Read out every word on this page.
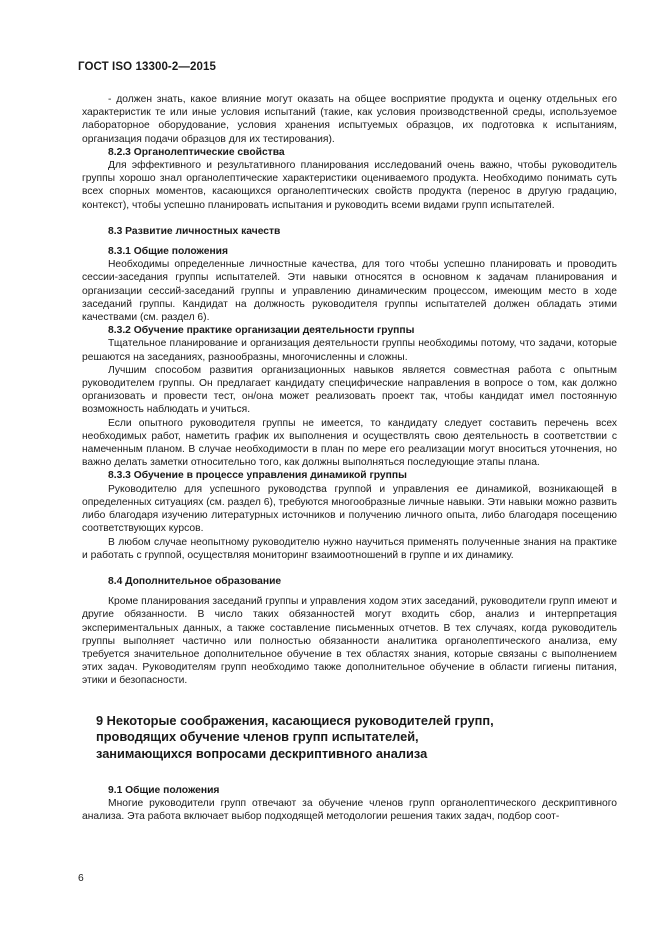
ГОСТ ISO 13300-2—2015

- должен знать, какое влияние могут оказать на общее восприятие продукта и оценку отдельных его характеристик те или иные условия испытаний (такие, как условия производственной среды, используемое лабораторное оборудование, условия хранения испытуемых образцов, их подготовка к испытаниям, организация подачи образцов для их тестирования).

8.2.3 Органолептические свойства

Для эффективного и результативного планирования исследований очень важно, чтобы руководитель группы хорошо знал органолептические характеристики оцениваемого продукта. Необходимо понимать суть всех спорных моментов, касающихся органолептических свойств продукта (перенос в другую градацию, контекст), чтобы успешно планировать испытания и руководить всеми видами групп испытателей.

8.3 Развитие личностных качеств
8.3.1 Общие положения

Необходимы определенные личностные качества, для того чтобы успешно планировать и проводить сессии-заседания группы испытателей. Эти навыки относятся в основном к задачам планирования и организации сессий-заседаний группы и управлению динамическим процессом, имеющим место в ходе заседаний группы. Кандидат на должность руководителя группы испытателей должен обладать этими качествами (см. раздел 6).

8.3.2 Обучение практике организации деятельности группы

Тщательное планирование и организация деятельности группы необходимы потому, что задачи, которые решаются на заседаниях, разнообразны, многочисленны и сложны.

Лучшим способом развития организационных навыков является совместная работа с опытным руководителем группы. Он предлагает кандидату специфические направления в вопросе о том, как должно организовать и провести тест, он/она может реализовать проект так, чтобы кандидат имел постоянную возможность наблюдать и учиться.

Если опытного руководителя группы не имеется, то кандидату следует составить перечень всех необходимых работ, наметить график их выполнения и осуществлять свою деятельность в соответствии с намеченным планом. В случае необходимости в план по мере его реализации могут вноситься уточнения, но важно делать заметки относительно того, как должны выполняться последующие этапы плана.

8.3.3 Обучение в процессе управления динамикой группы

Руководителю для успешного руководства группой и управления ее динамикой, возникающей в определенных ситуациях (см. раздел 6), требуются многообразные личные навыки. Эти навыки можно развить либо благодаря изучению литературных источников и получению личного опыта, либо благодаря посещению соответствующих курсов.

В любом случае неопытному руководителю нужно научиться применять полученные знания на практике и работать с группой, осуществляя мониторинг взаимоотношений в группе и их динамику.

8.4 Дополнительное образование

Кроме планирования заседаний группы и управления ходом этих заседаний, руководители групп имеют и другие обязанности. В число таких обязанностей могут входить сбор, анализ и интерпретация экспериментальных данных, а также составление письменных отчетов. В тех случаях, когда руководитель группы выполняет частично или полностью обязанности аналитика органолептического анализа, ему требуется значительное дополнительное обучение в тех областях знания, которые связаны с выполнением этих задач. Руководителям групп необходимо также дополнительное обучение в области гигиены питания, этики и безопасности.

9 Некоторые соображения, касающиеся руководителей групп,
проводящих обучение членов групп испытателей,
занимающихся вопросами дескриптивного анализа
9.1 Общие положения

Многие руководители групп отвечают за обучение членов групп органолептического дескриптивного анализа. Эта работа включает выбор подходящей методологии решения таких задач, подбор соот-

6
